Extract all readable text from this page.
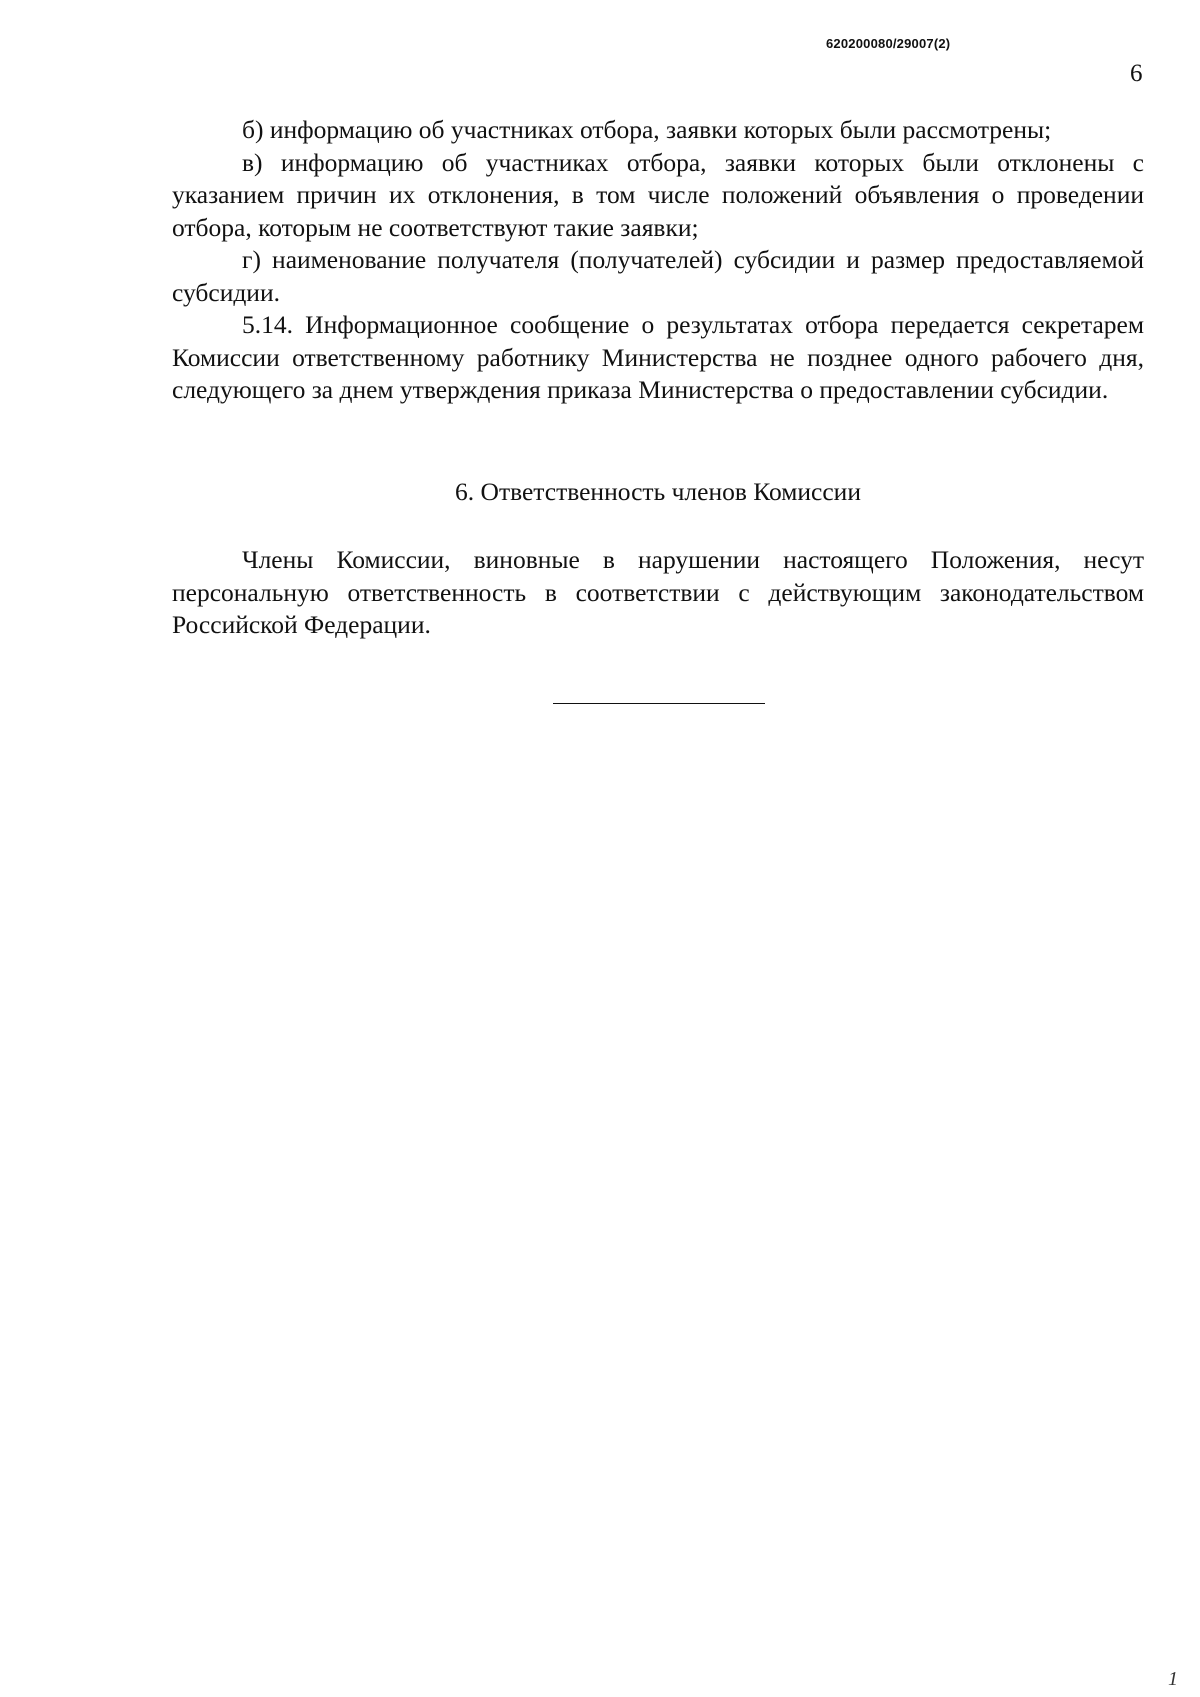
620200080/29007(2)
6

б) информацию об участниках отбора, заявки которых были рассмотрены;

в) информацию об участниках отбора, заявки которых были отклонены с указанием причин их отклонения, в том числе положений объявления о проведении отбора, которым не соответствуют такие заявки;

г) наименование получателя (получателей) субсидии и размер предоставляемой субсидии.

5.14. Информационное сообщение о результатах отбора передается секретарем Комиссии ответственному работнику Министерства не позднее одного рабочего дня, следующего за днем утверждения приказа Министерства о предоставлении субсидии.

6. Ответственность членов Комиссии

Члены Комиссии, виновные в нарушении настоящего Положения, несут персональную ответственность в соответствии с действующим законодательством Российской Федерации.

1
